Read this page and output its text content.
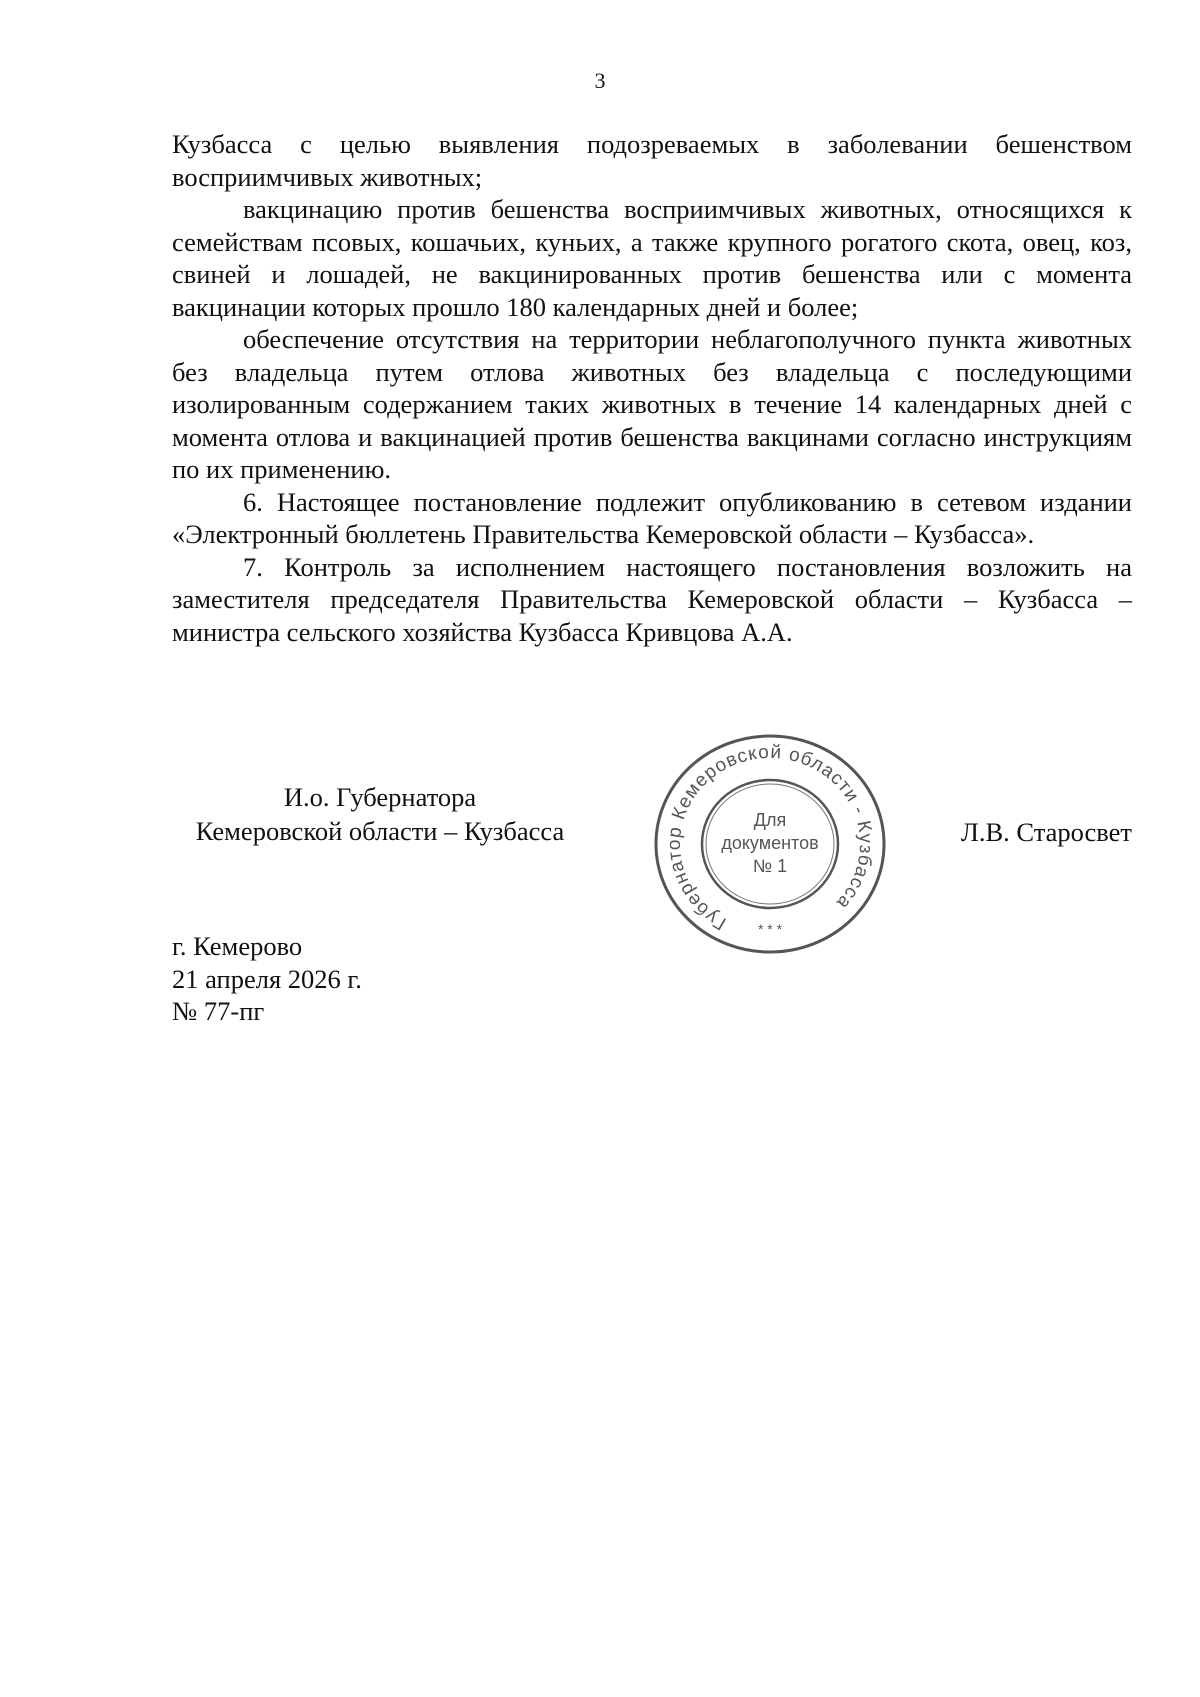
3

Кузбасса с целью выявления подозреваемых в заболевании бешенством восприимчивых животных;

вакцинацию против бешенства восприимчивых животных, относящихся к семействам псовых, кошачьих, куньих, а также крупного рогатого скота, овец, коз, свиней и лошадей, не вакцинированных против бешенства или с момента вакцинации которых прошло 180 календарных дней и более;

обеспечение отсутствия на территории неблагополучного пункта животных без владельца путем отлова животных без владельца с последующими изолированным содержанием таких животных в течение 14 календарных дней с момента отлова и вакцинацией против бешенства вакцинами согласно инструкциям по их применению.

6. Настоящее постановление подлежит опубликованию в сетевом издании «Электронный бюллетень Правительства Кемеровской области – Кузбасса».

7. Контроль за исполнением настоящего постановления возложить на заместителя председателя Правительства Кемеровской области – Кузбасса – министра сельского хозяйства Кузбасса Кривцова А.А.

И.о. Губернатора
Кемеровской области – Кузбасса
Губернатор Кемеровской области - Кузбасса
Для
документов
№ 1
* * *
Л.В. Старосвет
г. Кемерово
21 апреля 2026 г.
№ 77-пг
